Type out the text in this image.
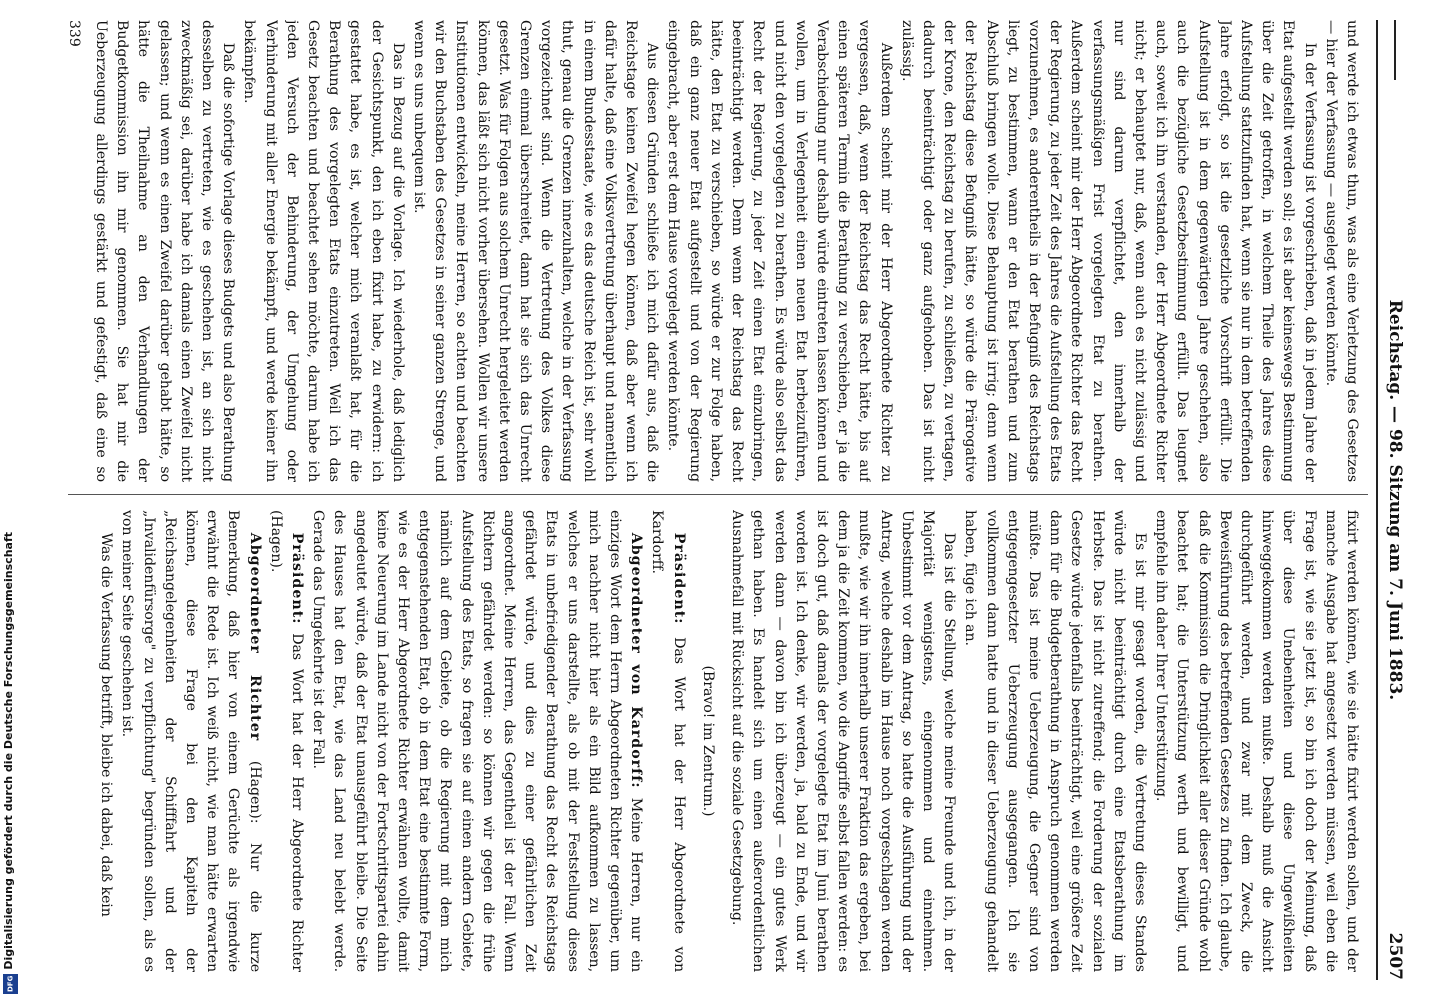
Digitalisierung gefördert durch die Deutsche Forschungsgemeinschaft
DFG
Reichstag. — 98. Sitzung am 7. Juni 1883.
2507

und werde ich etwas thun, was als eine Verletzung des Gesetzes — hier der Verfassung — ausgelegt werden könnte.

In der Verfassung ist vorgeschrieben, daß in jedem Jahre der Etat aufgestellt werden soll; es ist aber keineswegs Bestimmung über die Zeit getroffen, in welchem Theile des Jahres diese Aufstellung stattzufinden hat, wenn sie nur in dem betreffenden Jahre erfolgt, so ist die gesetzliche Vorschrift erfüllt. Die Aufstellung ist in dem gegenwärtigen Jahre geschehen, also auch die bezügliche Gesetzbestimmung erfüllt. Das leugnet auch, soweit ich ihn verstanden, der Herr Abgeordnete Richter nicht; er behauptet nur, daß, wenn auch es nicht zulässig und nur sind darum verpflichtet, den innerhalb der verfassungsmäßigen Frist vorgelegten Etat zu berathen. Außerdem scheint mir der Herr Abgeordnete Richter das Recht der Regierung, zu jeder Zeit des Jahres die Aufstellung des Etats vorzunehmen, es anderentheils in der Befugniß des Reichstags liegt, zu bestimmen, wann er den Etat berathen und zum Abschluß bringen wolle. Diese Behauptung ist irrig; denn wenn der Reichstag diese Befugniß hätte, so würde die Prärogative der Krone, den Reichstag zu berufen, zu schließen, zu vertagen, dadurch beeinträchtigt oder ganz aufgehoben. Das ist nicht zulässig.

Außerdem scheint mir der Herr Abgeordnete Richter zu vergessen, daß, wenn der Reichstag das Recht hätte, bis auf einen späteren Termin die Berathung zu verschieben, er ja die Verabschiedung nur deshalb würde eintreten lassen können und wollen, um in Verlegenheit einen neuen Etat herbeizuführen, und nicht den vorgelegten zu berathen. Es würde also selbst das Recht der Regierung, zu jeder Zeit einen Etat einzubringen, beeinträchtigt werden. Denn wenn der Reichstag das Recht hätte, den Etat zu verschieben, so würde er zur Folge haben, daß ein ganz neuer Etat aufgestellt und von der Regierung eingebracht, aber erst dem Hause vorgelegt werden könnte.

Aus diesen Gründen schließe ich mich dafür aus, daß die Reichstage keinen Zweifel hegen können, daß aber wenn ich dafür halte, daß eine Volksvertretung überhaupt und namentlich in einem Bundesstaate, wie es das deutsche Reich ist, sehr wohl thut, genau die Grenzen innezuhalten, welche in der Verfassung vorgezeichnet sind. Wenn die Vertretung des Volkes diese Grenzen einmal überschreitet, dann hat sie sich das Unrecht gesetzt. Was für Folgen aus solchem Unrecht hergeleitet werden können, das läßt sich nicht vorher übersehen. Wollen wir unsere Institutionen entwickeln, meine Herren, so achten und beachten wir den Buchstaben des Gesetzes in seiner ganzen Strenge, und wenn es uns unbequem ist.

Das in Bezug auf die Vorlage. Ich wiederhole, daß lediglich der Gesichtspunkt, den ich eben fixirt habe, zu erwidern: ich gestattet habe, es ist, welcher mich veranlaßt hat, für die Berathung des vorgelegten Etats einzutreten. Weil ich das Gesetz beachten und beachtet sehen möchte, darum habe ich jeden Versuch der Behinderung, der Umgehung oder Verhinderung mit aller Energie bekämpft, und werde keiner ihn bekämpfen.

Daß die sofortige Vorlage dieses Budgets und also Berathung desselben zu vertreten, wie es geschehen ist, an sich nicht zweckmäßig sei, darüber habe ich damals einen Zweifel nicht gelassen; und wenn es einen Zweifel darüber gehabt hätte, so hätte die Theilnahme an den Verhandlungen der Budgetkommission ihn mir genommen. Sie hat mir die Ueberzeugung allerdings gestärkt und gefestigt, daß eine so

fixirt werden können, wie sie hätte fixirt werden sollen, und der manche Ausgabe hat angesetzt werden müssen, weil eben die Frage ist, wie sie jetzt ist, so bin ich doch der Meinung, daß über diese Unebenheiten und diese Ungewißheiten hinweggekommen werden mußte. Deshalb muß die Ansicht durchgeführt werden, und zwar mit dem Zweck, die Beweisführung des betreffenden Gesetzes zu finden. Ich glaube, daß die Kommission die Dringlichkeit aller dieser Gründe wohl beachtet hat; die Unterstützung werth und bewilligt, und empfehle ihn daher Ihrer Unterstützung.

Es ist mir gesagt worden, die Vertretung dieses Standes würde nicht beeinträchtigt durch eine Etatsberathung im Herbste. Das ist nicht zutreffend; die Forderung der sozialen Gesetze würde jedenfalls beeinträchtigt, weil eine größere Zeit dann für die Budgetberathung in Anspruch genommen werden müßte. Das ist meine Ueberzeugung, die Gegner sind von entgegengesetzter Ueberzeugung ausgegangen. Ich sie vollkommen dann hatte und in dieser Ueberzeugung gehandelt haben, füge ich an.

Das ist die Stellung, welche meine Freunde und ich, in der Majorität wenigstens, eingenommen und einnehmen. Unbestimmt vor dem Antrag, so hatte die Ausführung und der Antrag, welche deshalb im Hause noch vorgeschlagen werden mußte, wie wir ihn innerhalb unserer Fraktion das ergeben, bei dem ja die Zeit kommen, wo die Angriffe selbst fallen werden: es ist doch gut, daß damals der vorgelegte Etat im Juni berathen worden ist. Ich denke, wir werden, ja, bald zu Ende, und wir werden dann — davon bin ich überzeugt — ein gutes Werk gethan haben. Es handelt sich um einen außerordentlichen Ausnahmefall mit Rücksicht auf die soziale Gesetzgebung.

(Bravo! im Zentrum.)

Präsident: Das Wort hat der Herr Abgeordnete von Kardorff.

Abgeordneter von Kardorff: Meine Herren, nur ein einziges Wort dem Herrn Abgeordneten Richter gegenüber, um mich nachher nicht hier als ein Bild aufkommen zu lassen, welches er uns darstellte, als ob mit der Feststellung dieses Etats in unbefriedigender Berathung das Recht des Reichstags gefährdet würde, und dies zu einer gefährlichen Zeit angeordnet. Meine Herren, das Gegentheil ist der Fall. Wenn Richtern gefährdet werden: so können wir gegen die frühe Aufstellung des Etats, so fragen sie auf einen andern Gebiete, nämlich auf dem Gebiete, ob die Regierung mit dem mich entgegenstehenden Etat, ob in dem Etat eine bestimmte Form, wie es der Herr Abgeordnete Richter erwähnen wollte, damit keine Neuerung im Lande nicht von der Fortschrittspartei dahin angedeutet würde, daß der Etat unausgeführt bleibe. Die Seite des Hauses hat den Etat, wie das Land neu belebt werde. Gerade das Umgekehrte ist der Fall.

Präsident: Das Wort hat der Herr Abgeordnete Richter (Hagen).

Abgeordneter Richter (Hagen): Nur die kurze Bemerkung, daß hier von einem Gerüchte als irgendwie erwähnt die Rede ist. Ich weiß nicht, wie man hätte erwarten können, diese Frage bei den Kapiteln der „Reichsangelegenheiten der Schifffahrt und der „Invalidenfürsorge" zu verpflichtung" begründen sollen, als es von meiner Seite geschehen ist.

Was die Verfassung betrifft, bleibe ich dabei, daß kein

339
